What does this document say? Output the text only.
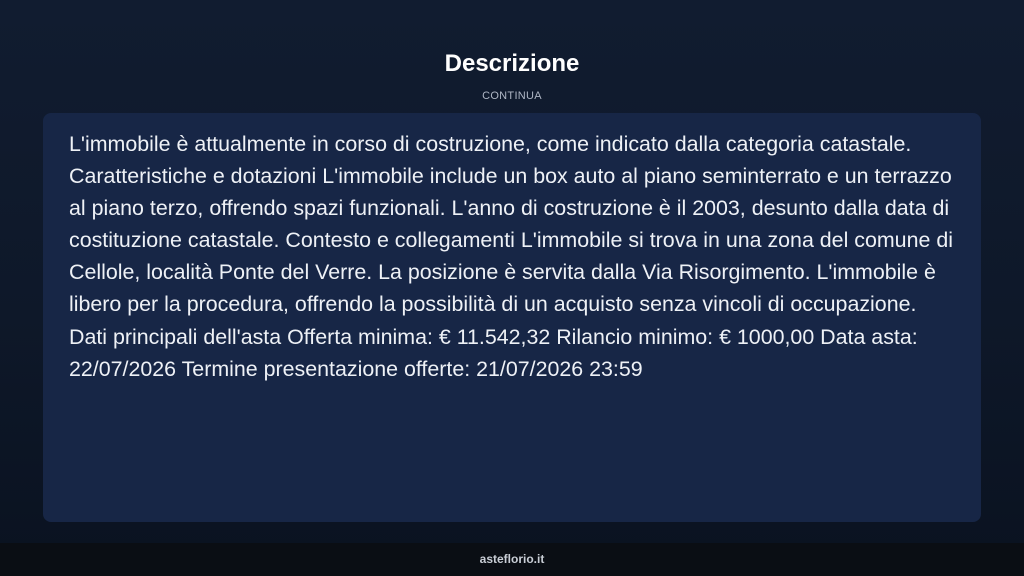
Descrizione
CONTINUA

L'immobile è attualmente in corso di costruzione, come indicato dalla categoria catastale. Caratteristiche e dotazioni L'immobile include un box auto al piano seminterrato e un terrazzo al piano terzo, offrendo spazi funzionali. L'anno di costruzione è il 2003, desunto dalla data di costituzione catastale. Contesto e collegamenti L'immobile si trova in una zona del comune di Cellole, località Ponte del Verre. La posizione è servita dalla Via Risorgimento. L'immobile è libero per la procedura, offrendo la possibilità di un acquisto senza vincoli di occupazione. Dati principali dell'asta Offerta minima: € 11.542,32 Rilancio minimo: € 1000,00 Data asta: 22/07/2026 Termine presentazione offerte: 21/07/2026 23:59

asteflorio.it
